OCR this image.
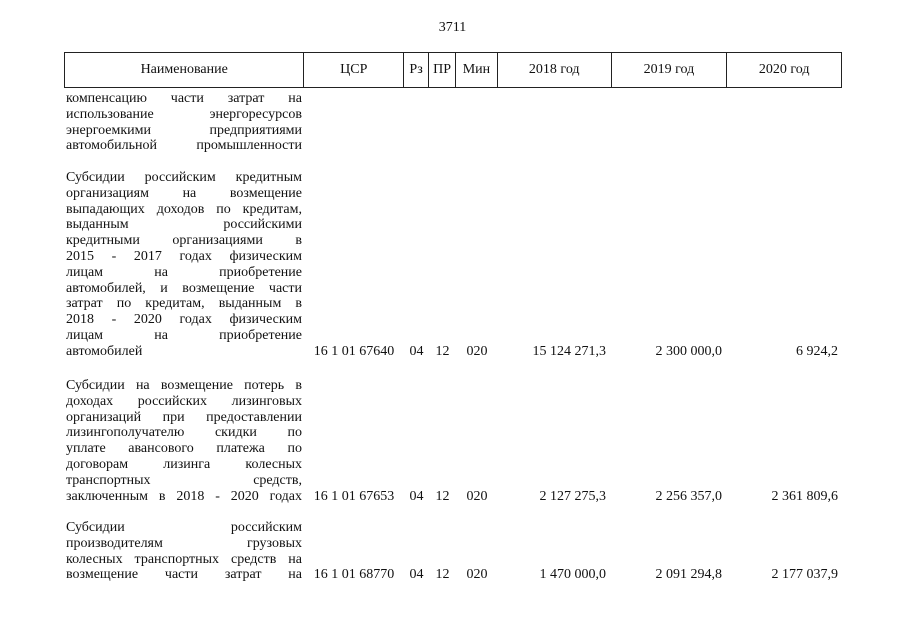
3711
Наименование	ЦСР	Рз ПР Мин	2018 год	2019 год	2020 год
компенсацию части затрат на
использование энергоресурсов
энергоемкими предприятиями
автомобильной промышленности
Субсидии российским кредитным
организациям на возмещение
выпадающих доходов по кредитам,
выданным российскими
кредитными организациями в
2015 - 2017 годах физическим
лицам на приобретение
автомобилей, и возмещение части
затрат по кредитам, выданным в
2018 - 2020 годах физическим
лицам на приобретение
автомобилей	16 1 01 67640	04 12	020	15 124 271,3	2 300 000,0	6 924,2
Субсидии на возмещение потерь в
доходах российских лизинговых
организаций при предоставлении
лизингополучателю скидки по
уплате авансового платежа по
договорам лизинга колесных
транспортных средств,
заключенным в 2018 - 2020 годах 16 1 01 67653	04 12	020	2 127 275,3	2 256 357,0	2 361 809,6
Субсидии российским
производителям грузовых
колесных транспортных средств на
возмещение части затрат на 16 1 01 68770	04 12	020	1 470 000,0	2 091 294,8	2 177 037,9
